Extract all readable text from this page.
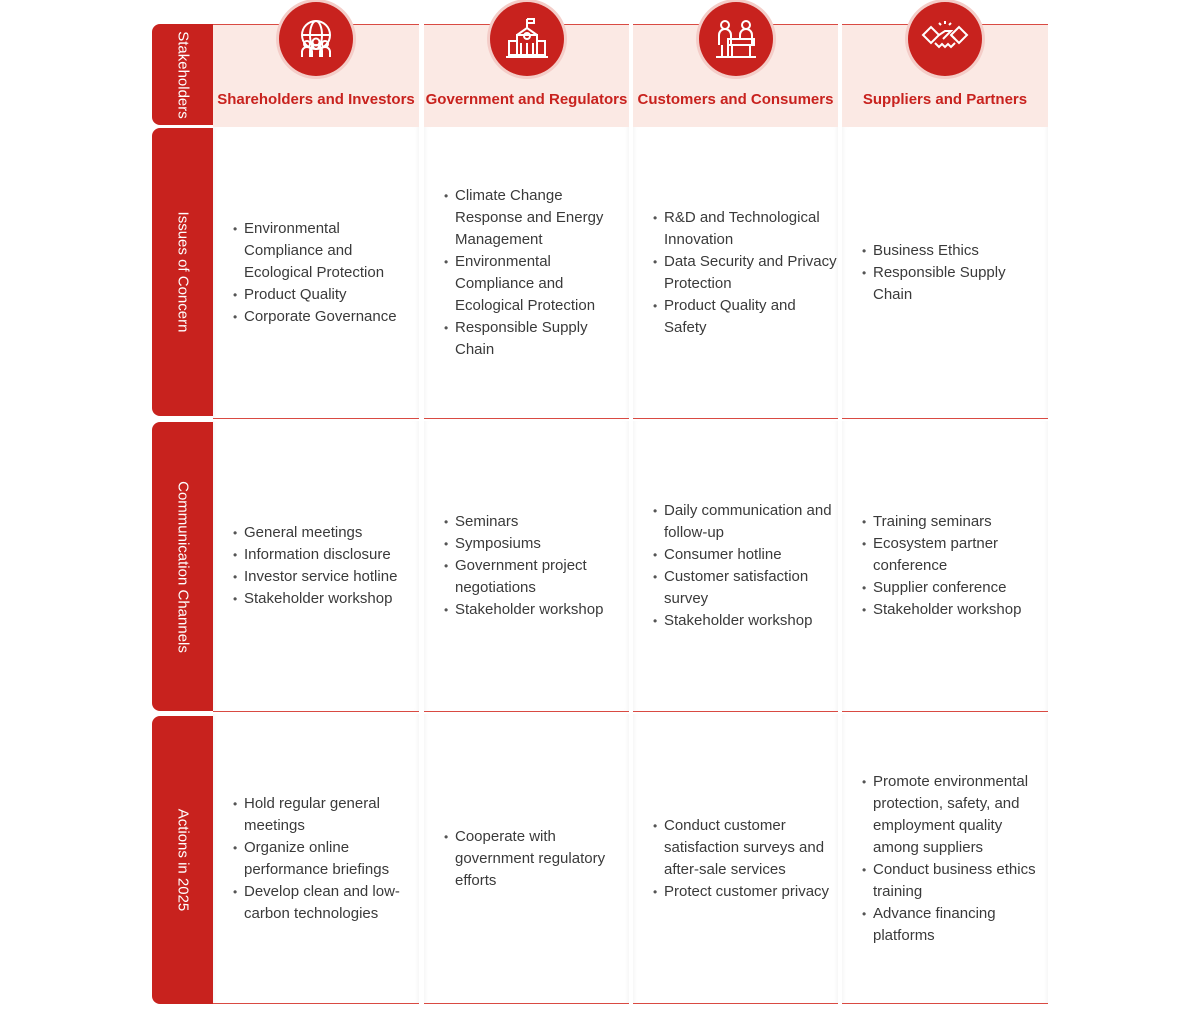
Stakeholders
Issues of Concern
Communication Channels
Actions in 2025
Shareholders and Investors
• Environmental Compliance and Ecological Protection
• Product Quality
• Corporate Governance
• General meetings
• Information disclosure
• Investor service hotline
• Stakeholder workshop
• Hold regular general meetings
• Organize online performance briefings
• Develop clean and low-carbon technologies
Government and Regulators
• Climate Change Response and Energy Management
• Environmental Compliance and Ecological Protection
• Responsible Supply Chain
• Seminars
• Symposiums
• Government project negotiations
• Stakeholder workshop
• Cooperate with government regulatory efforts
Customers and Consumers
• R&D and Technological Innovation
• Data Security and Privacy Protection
• Product Quality and Safety
• Daily communication and follow-up
• Consumer hotline
• Customer satisfaction survey
• Stakeholder workshop
• Conduct customer satisfaction surveys and after-sale services
• Protect customer privacy
Suppliers and Partners
• Business Ethics
• Responsible Supply Chain
• Training seminars
• Ecosystem partner conference
• Supplier conference
• Stakeholder workshop
• Promote environmental protection, safety, and employment quality among suppliers
• Conduct business ethics training
• Advance financing platforms
